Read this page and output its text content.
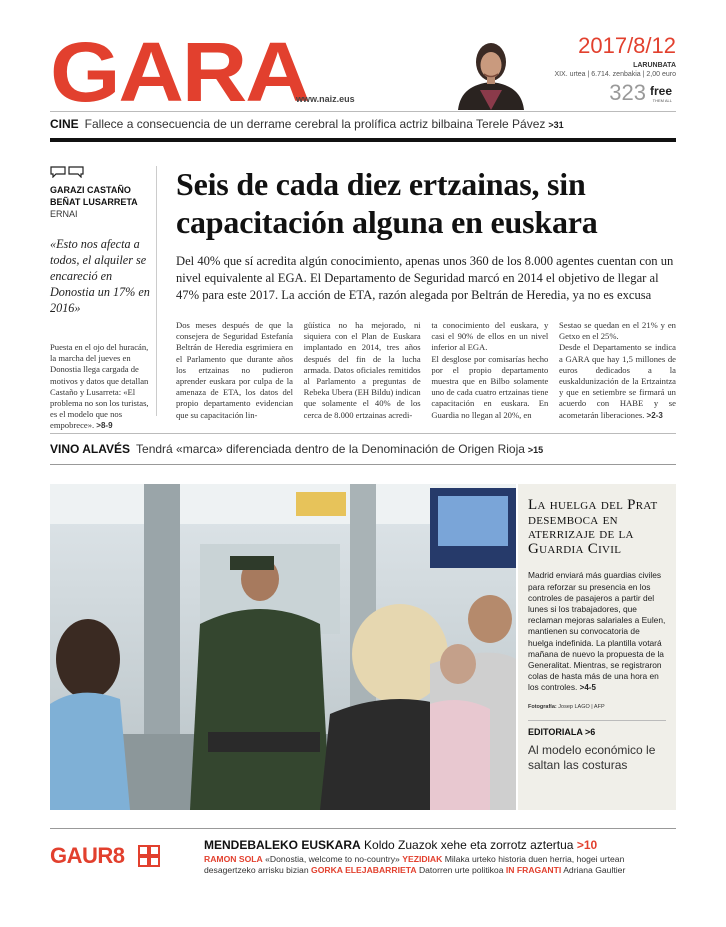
GARA
www.naiz.eus
2017/8/12
LARUNBATA
XIX. urtea | 6.714. zenbakia | 2,00 euro
323 free
THEM ALL
CINE Fallece a consecuencia de un derrame cerebral la prolífica actriz bilbaina Terele Pávez >31
GARAZI CASTAÑO
BEÑAT LUSARRETA
ERNAI
«Esto nos afecta a todos, el alquiler se encareció en Donostia un 17% en 2016»
Puesta en el ojo del huracán, la marcha del jueves en Donostia llega cargada de motivos y datos que detallan Castaño y Lusarreta: «El problema no son los turistas, es el modelo que nos empobrece». >8-9
Seis de cada diez ertzainas, sin capacitación alguna en euskara

Del 40% que sí acredita algún conocimiento, apenas unos 360 de los 8.000 agentes cuentan con un nivel equivalente al EGA. El Departamento de Seguridad marcó en 2014 el objetivo de llegar al 47% para este 2017. La acción de ETA, razón alegada por Beltrán de Heredia, ya no es excusa

Dos meses después de que la consejera de Seguridad Estefanía Beltrán de Heredia esgrimiera en el Parlamento que durante años los ertzainas no pudieron aprender euskara por culpa de la amenaza de ETA, los datos del propio departamento evidencian que su capacitación lin-
güística no ha mejorado, ni siquiera con el Plan de Euskara implantado en 2014, tres años después del fin de la lucha armada. Datos oficiales remitidos al Parlamento a preguntas de Rebeka Ubera (EH Bildu) indican que solamente el 40% de los cerca de 8.000 ertzainas acredi-
ta conocimiento del euskara, y casi el 90% de ellos en un nivel inferior al EGA.
El desglose por comisarías hecho por el propio departamento muestra que en Bilbo solamente uno de cada cuatro ertzainas tiene capacitación en euskara. En Guardia no llegan al 20%, en
Sestao se quedan en el 21% y en Getxo en el 25%.
Desde el Departamento se indica a GARA que hay 1,5 millones de euros dedicados a la euskaldunización de la Ertzaintza y que en setiembre se firmará un acuerdo con HABE y se acometarán liberaciones. >2-3
VINO ALAVÉS Tendrá «marca» diferenciada dentro de la Denominación de Origen Rioja >15
La huelga del Prat desemboca en aterrizaje de la Guardia Civil
Madrid enviará más guardias civiles para reforzar su presencia en los controles de pasajeros a partir del lunes si los trabajadores, que reclaman mejoras salariales a Eulen, mantienen su convocatoria de huelga indefinida. La plantilla votará mañana de nuevo la propuesta de la Generalitat. Mientras, se registraron colas de hasta más de una hora en los controles. >4-5
Fotografía: Josep LAGO | AFP
EDITORIALA >6
Al modelo económico le saltan las costuras
GAUR8	MENDEBALEKO EUSKARA Koldo Zuazok xehe eta zorrotz aztertua >10
RAMON SOLA «Donostia, welcome to no-country» YEZIDIAK Milaka urteko historia duen herria, hogei urtean desagertzeko arrisku bizian GORKA ELEJABARRIETA Datorren urte politikoa IN FRAGANTI Adriana Gaultier
